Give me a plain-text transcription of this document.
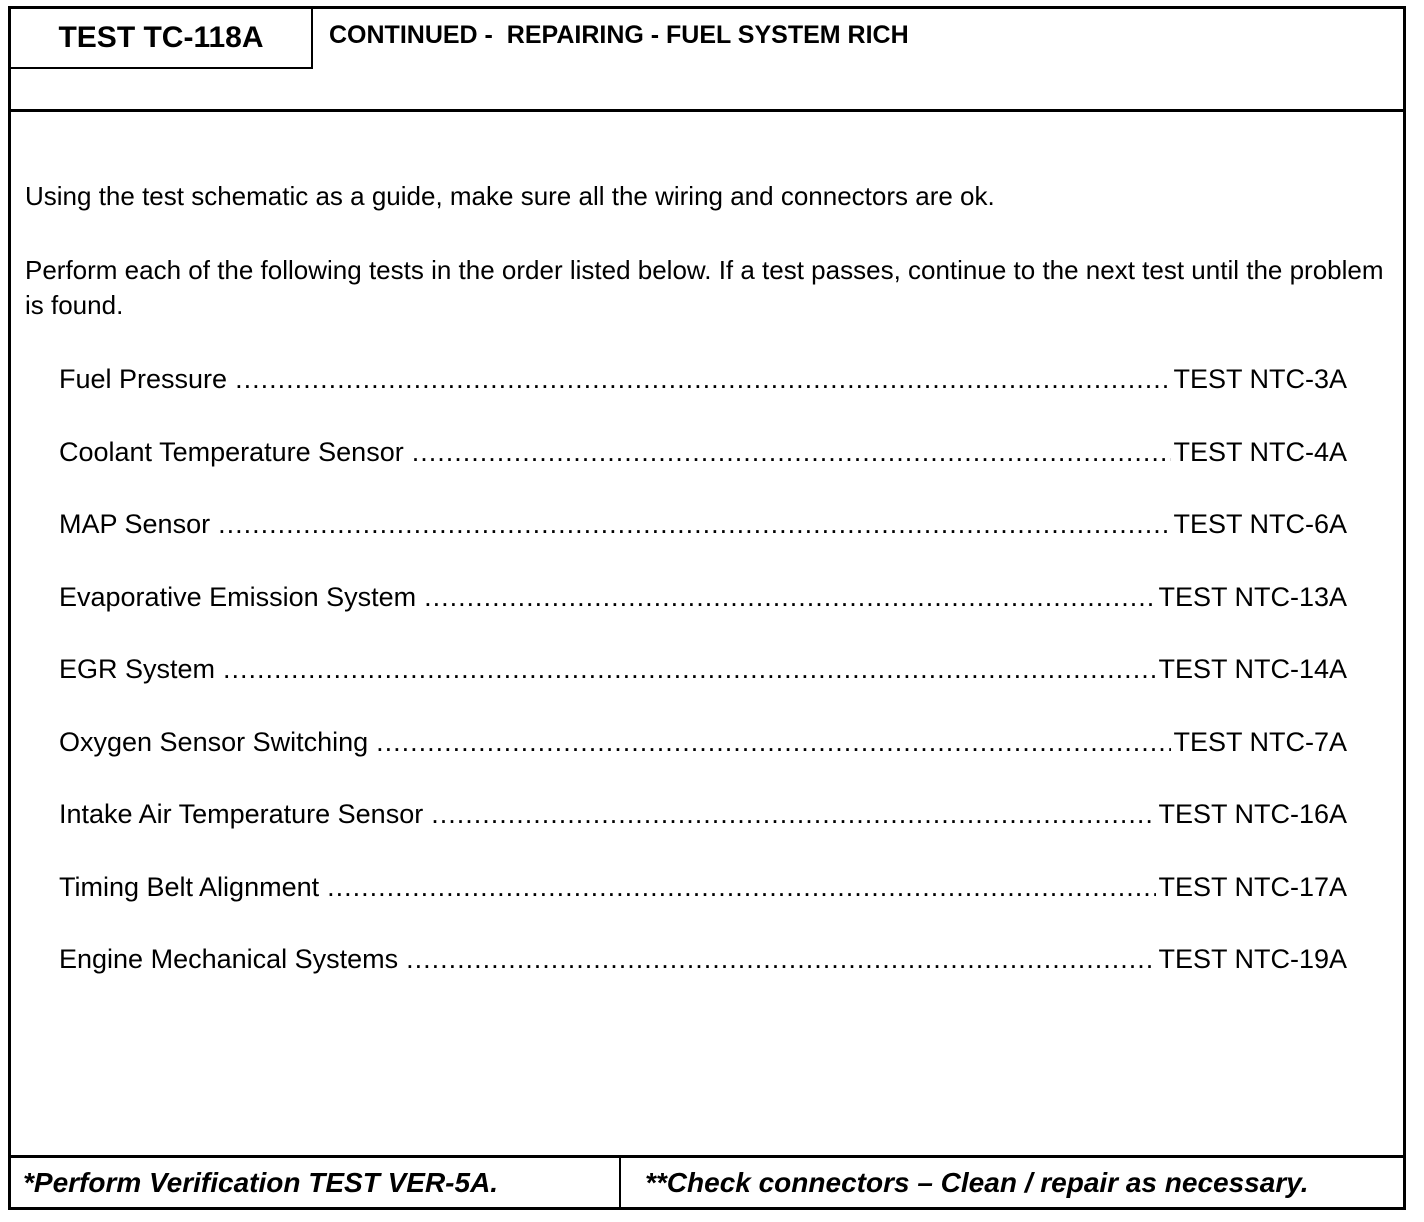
TEST TC-118A	CONTINUED -  REPAIRING - FUEL SYSTEM RICH
Using the test schematic as a guide, make sure all the wiring and connectors are ok.
Perform each of the following tests in the order listed below. If a test passes, continue to the next test until the problem is found.
Fuel Pressure .....	TEST NTC-3A
Coolant Temperature Sensor .....	TEST NTC-4A
MAP Sensor .....	TEST NTC-6A
Evaporative Emission System .....	TEST NTC-13A
EGR System .....	TEST NTC-14A
Oxygen Sensor Switching .....	TEST NTC-7A
Intake Air Temperature Sensor .....	TEST NTC-16A
Timing Belt Alignment .....	TEST NTC-17A
Engine Mechanical Systems .....	TEST NTC-19A
*Perform Verification TEST VER-5A.	**Check connectors – Clean / repair as necessary.
